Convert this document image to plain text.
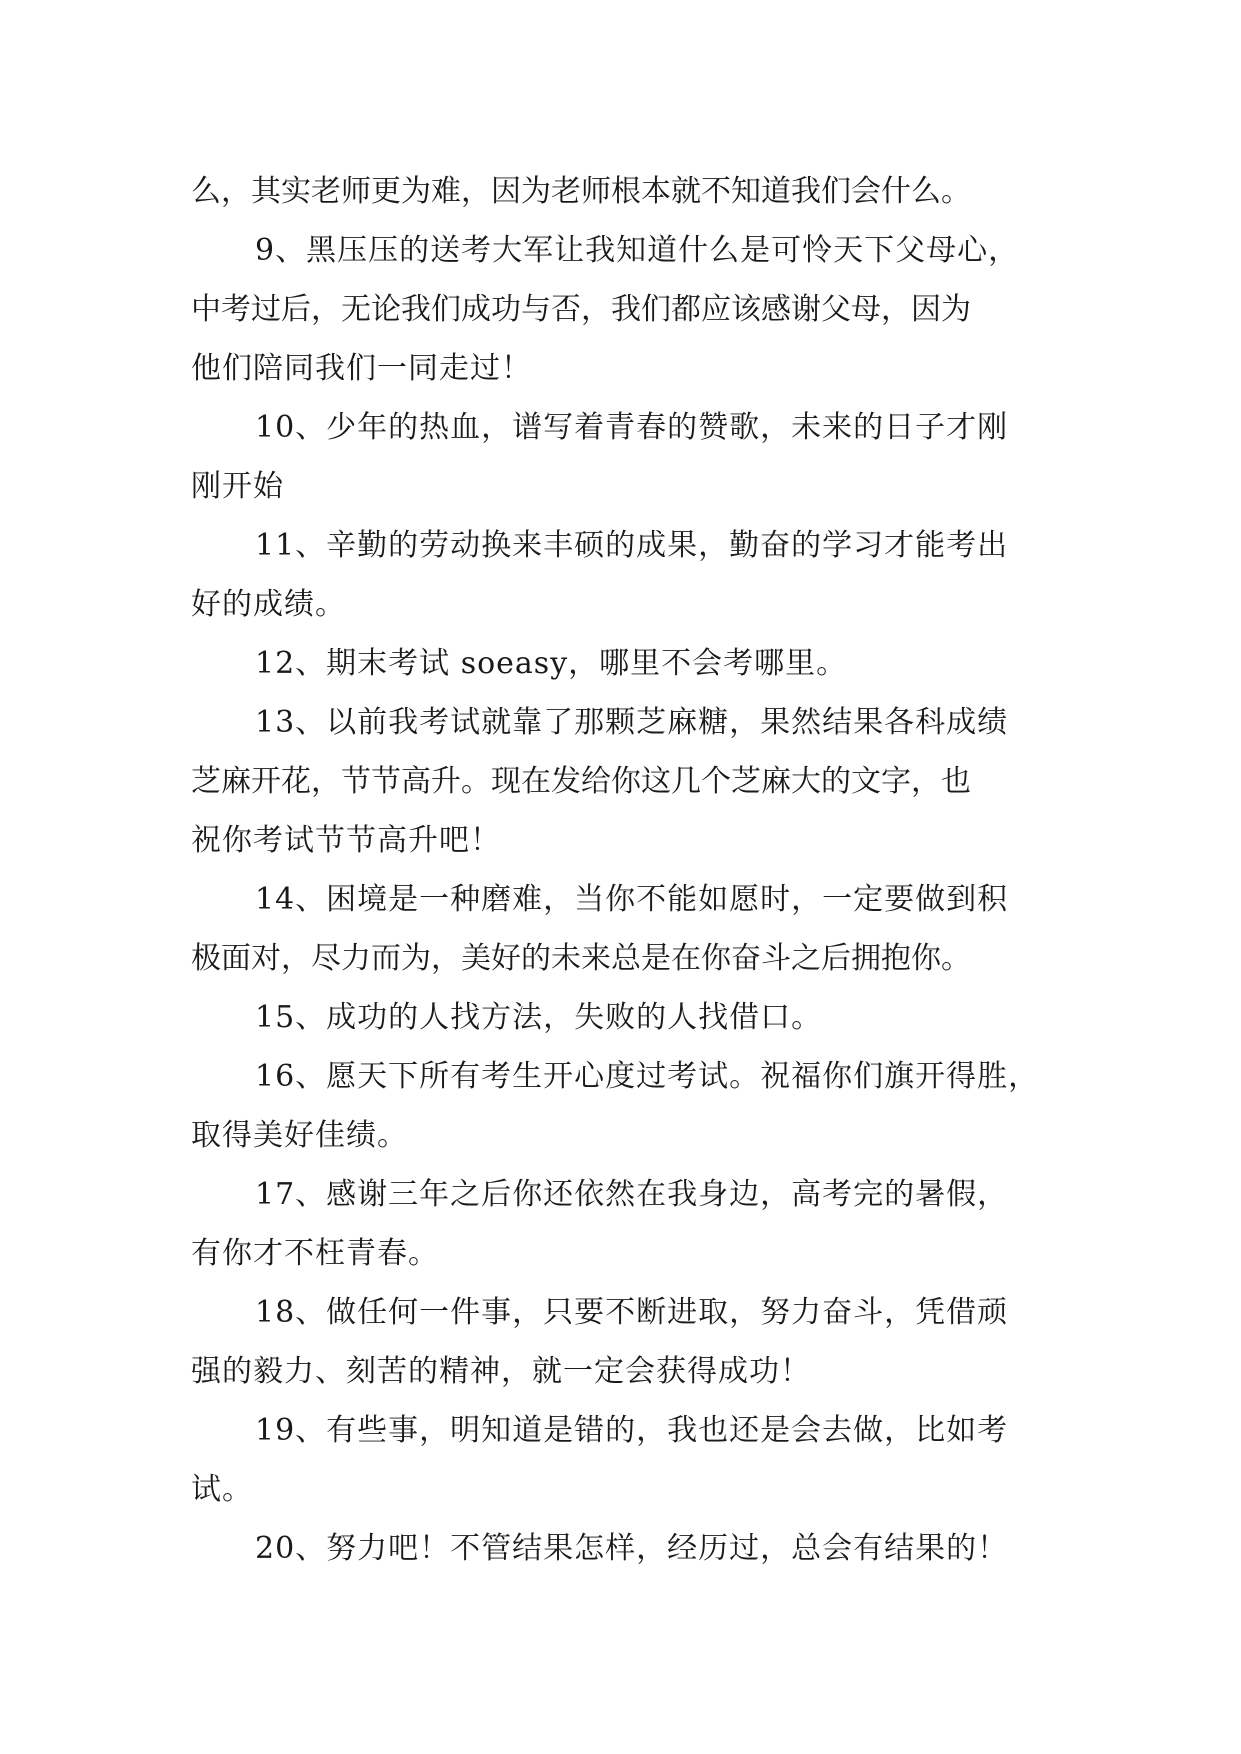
么，其实老师更为难，因为老师根本就不知道我们会什么。
9、黑压压的送考大军让我知道什么是可怜天下父母心，
中考过后，无论我们成功与否，我们都应该感谢父母，因为
他们陪同我们一同走过！
10、少年的热血，谱写着青春的赞歌，未来的日子才刚
刚开始
11、辛勤的劳动换来丰硕的成果，勤奋的学习才能考出
好的成绩。
12、期末考试 soeasy，哪里不会考哪里。
13、以前我考试就靠了那颗芝麻糖，果然结果各科成绩
芝麻开花，节节高升。现在发给你这几个芝麻大的文字，也
祝你考试节节高升吧！
14、困境是一种磨难，当你不能如愿时，一定要做到积
极面对，尽力而为，美好的未来总是在你奋斗之后拥抱你。
15、成功的人找方法，失败的人找借口。
16、愿天下所有考生开心度过考试。祝福你们旗开得胜，
取得美好佳绩。
17、感谢三年之后你还依然在我身边，高考完的暑假，
有你才不枉青春。
18、做任何一件事，只要不断进取，努力奋斗，凭借顽
强的毅力、刻苦的精神，就一定会获得成功！
19、有些事，明知道是错的，我也还是会去做，比如考
试。
20、努力吧！不管结果怎样，经历过，总会有结果的！
